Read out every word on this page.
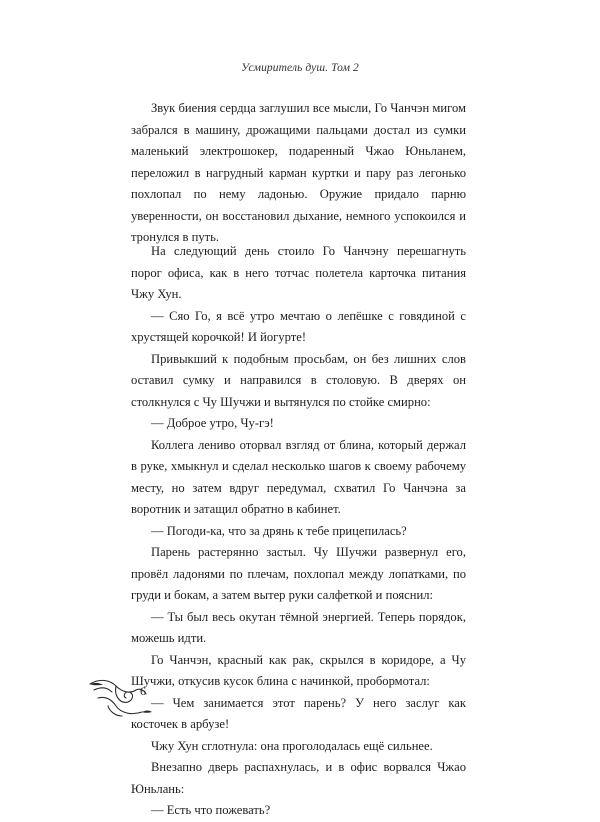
Усмиритель душ. Том 2

Звук биения сердца заглушил все мысли, Го Чанчэн мигом забрался в машину, дрожащими пальцами достал из сумки маленький электрошокер, подаренный Чжао Юньланем, переложил в нагрудный карман куртки и пару раз легонько похлопал по нему ладонью. Оружие придало парню уверенности, он восстановил дыхание, немного успокоился и тронулся в путь.

На следующий день стоило Го Чанчэну перешагнуть порог офиса, как в него тотчас полетела карточка питания Чжу Хун.

— Сяо Го, я всё утро мечтаю о лепёшке с говядиной с хрустящей корочкой! И йогурте!

Привыкший к подобным просьбам, он без лишних слов оставил сумку и направился в столовую. В дверях он столкнулся с Чу Шучжи и вытянулся по стойке смирно:

— Доброе утро, Чу-гэ!

Коллега лениво оторвал взгляд от блина, который держал в руке, хмыкнул и сделал несколько шагов к своему рабочему месту, но затем вдруг передумал, схватил Го Чанчэна за воротник и затащил обратно в кабинет.

— Погоди-ка, что за дрянь к тебе прицепилась?

Парень растерянно застыл. Чу Шучжи развернул его, провёл ладонями по плечам, похлопал между лопатками, по груди и бокам, а затем вытер руки салфеткой и пояснил:

— Ты был весь окутан тёмной энергией. Теперь порядок, можешь идти.

Го Чанчэн, красный как рак, скрылся в коридоре, а Чу Шучжи, откусив кусок блина с начинкой, пробормотал:

— Чем занимается этот парень? У него заслуг как косточек в арбузе!

Чжу Хун сглотнула: она проголодалась ещё сильнее.

Внезапно дверь распахнулась, и в офис ворвался Чжао Юньлань:

— Есть что пожевать?

6
